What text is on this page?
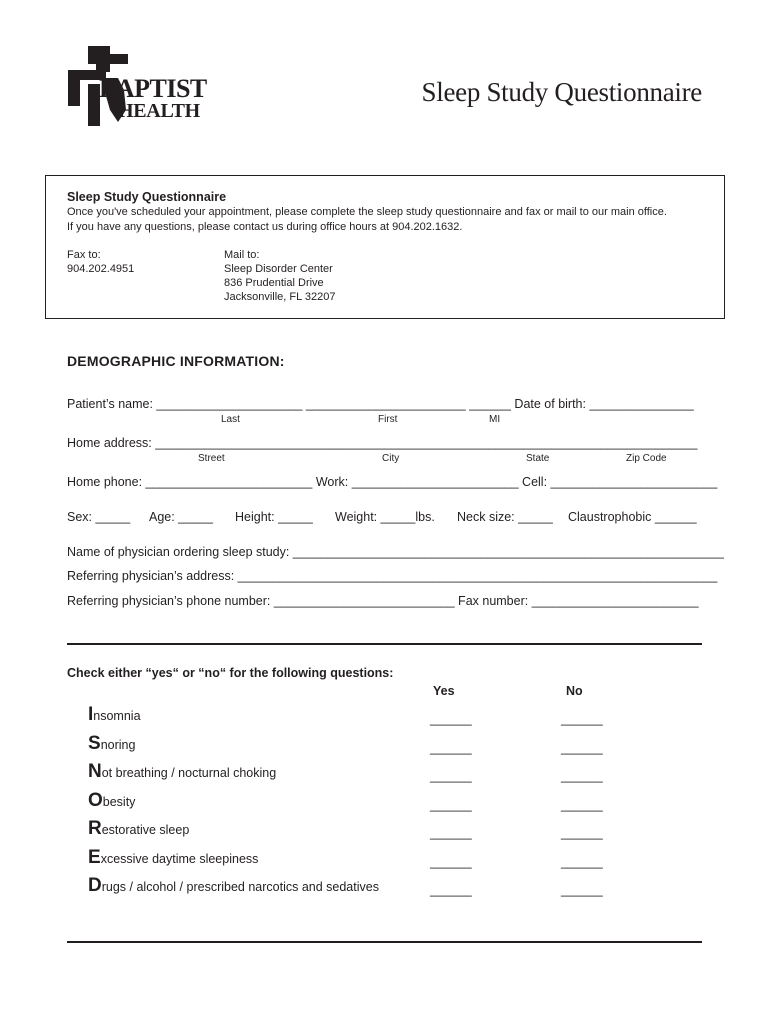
BAPTIST
HEALTH
Sleep Study Questionnaire
Sleep Study Questionnaire
Once you've scheduled your appointment, please complete the sleep study questionnaire and fax or mail to our main office.
If you have any questions, please contact us during office hours at 904.202.1632.
Fax to:
904.202.4951
Mail to:
Sleep Disorder Center
836 Prudential Drive
Jacksonville, FL 32207
DEMOGRAPHIC INFORMATION:
Patient’s name: _____________________ _______________________ ______ Date of birth: _______________
Last	First	MI
Home address: ______________________________________________________________________________
Street	City	State	Zip Code
Home phone: ________________________ Work: ________________________ Cell: ________________________
Sex: _____ Age: _____ Height: _____ Weight: _____lbs. Neck size: _____ Claustrophobic ______
Name of physician ordering sleep study: ______________________________________________________________
Referring physician’s address: _____________________________________________________________________
Referring physician’s phone number: __________________________ Fax number: ________________________
Check either “yes“ or “no“ for the following questions:
Yes	No
Insomnia	______	______
Snoring	______	______
Not breathing / nocturnal choking	______	______
Obesity	______	______
Restorative sleep	______	______
Excessive daytime sleepiness	______	______
Drugs / alcohol / prescribed narcotics and sedatives	______	______
